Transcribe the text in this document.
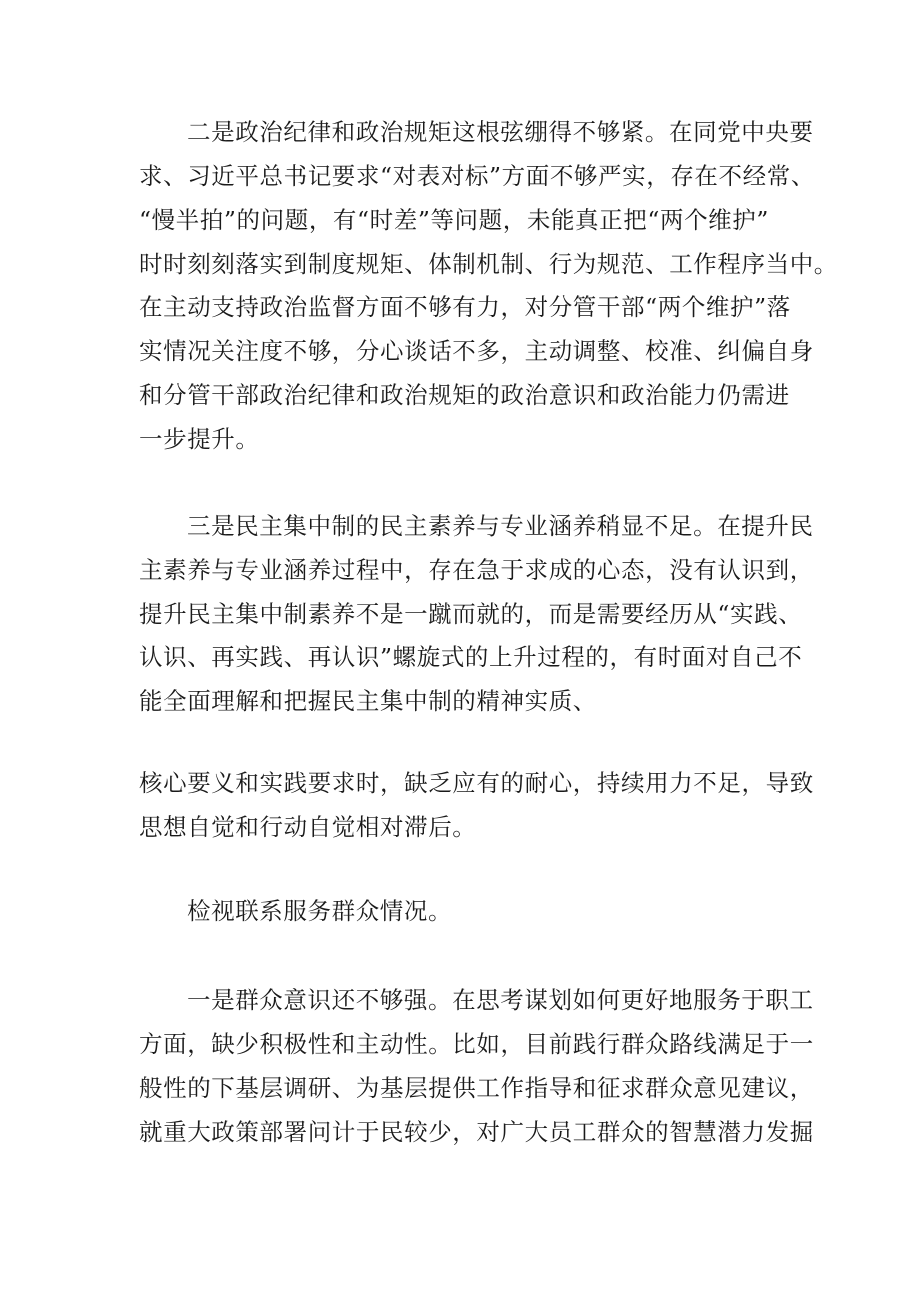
二是政治纪律和政治规矩这根弦绷得不够紧。在同党中央要
求、习近平总书记要求“对表对标”方面不够严实，存在不经常、
“慢半拍”的问题，有“时差”等问题，未能真正把“两个维护”
时时刻刻落实到制度规矩、体制机制、行为规范、工作程序当中。
在主动支持政治监督方面不够有力，对分管干部“两个维护”落
实情况关注度不够，分心谈话不多，主动调整、校准、纠偏自身
和分管干部政治纪律和政治规矩的政治意识和政治能力仍需进
一步提升。
三是民主集中制的民主素养与专业涵养稍显不足。在提升民
主素养与专业涵养过程中，存在急于求成的心态，没有认识到，
提升民主集中制素养不是一蹴而就的，而是需要经历从“实践、
认识、再实践、再认识”螺旋式的上升过程的，有时面对自己不
能全面理解和把握民主集中制的精神实质、
核心要义和实践要求时，缺乏应有的耐心，持续用力不足，导致
思想自觉和行动自觉相对滞后。
检视联系服务群众情况。
一是群众意识还不够强。在思考谋划如何更好地服务于职工
方面，缺少积极性和主动性。比如，目前践行群众路线满足于一
般性的下基层调研、为基层提供工作指导和征求群众意见建议，
就重大政策部署问计于民较少，对广大员工群众的智慧潜力发掘
